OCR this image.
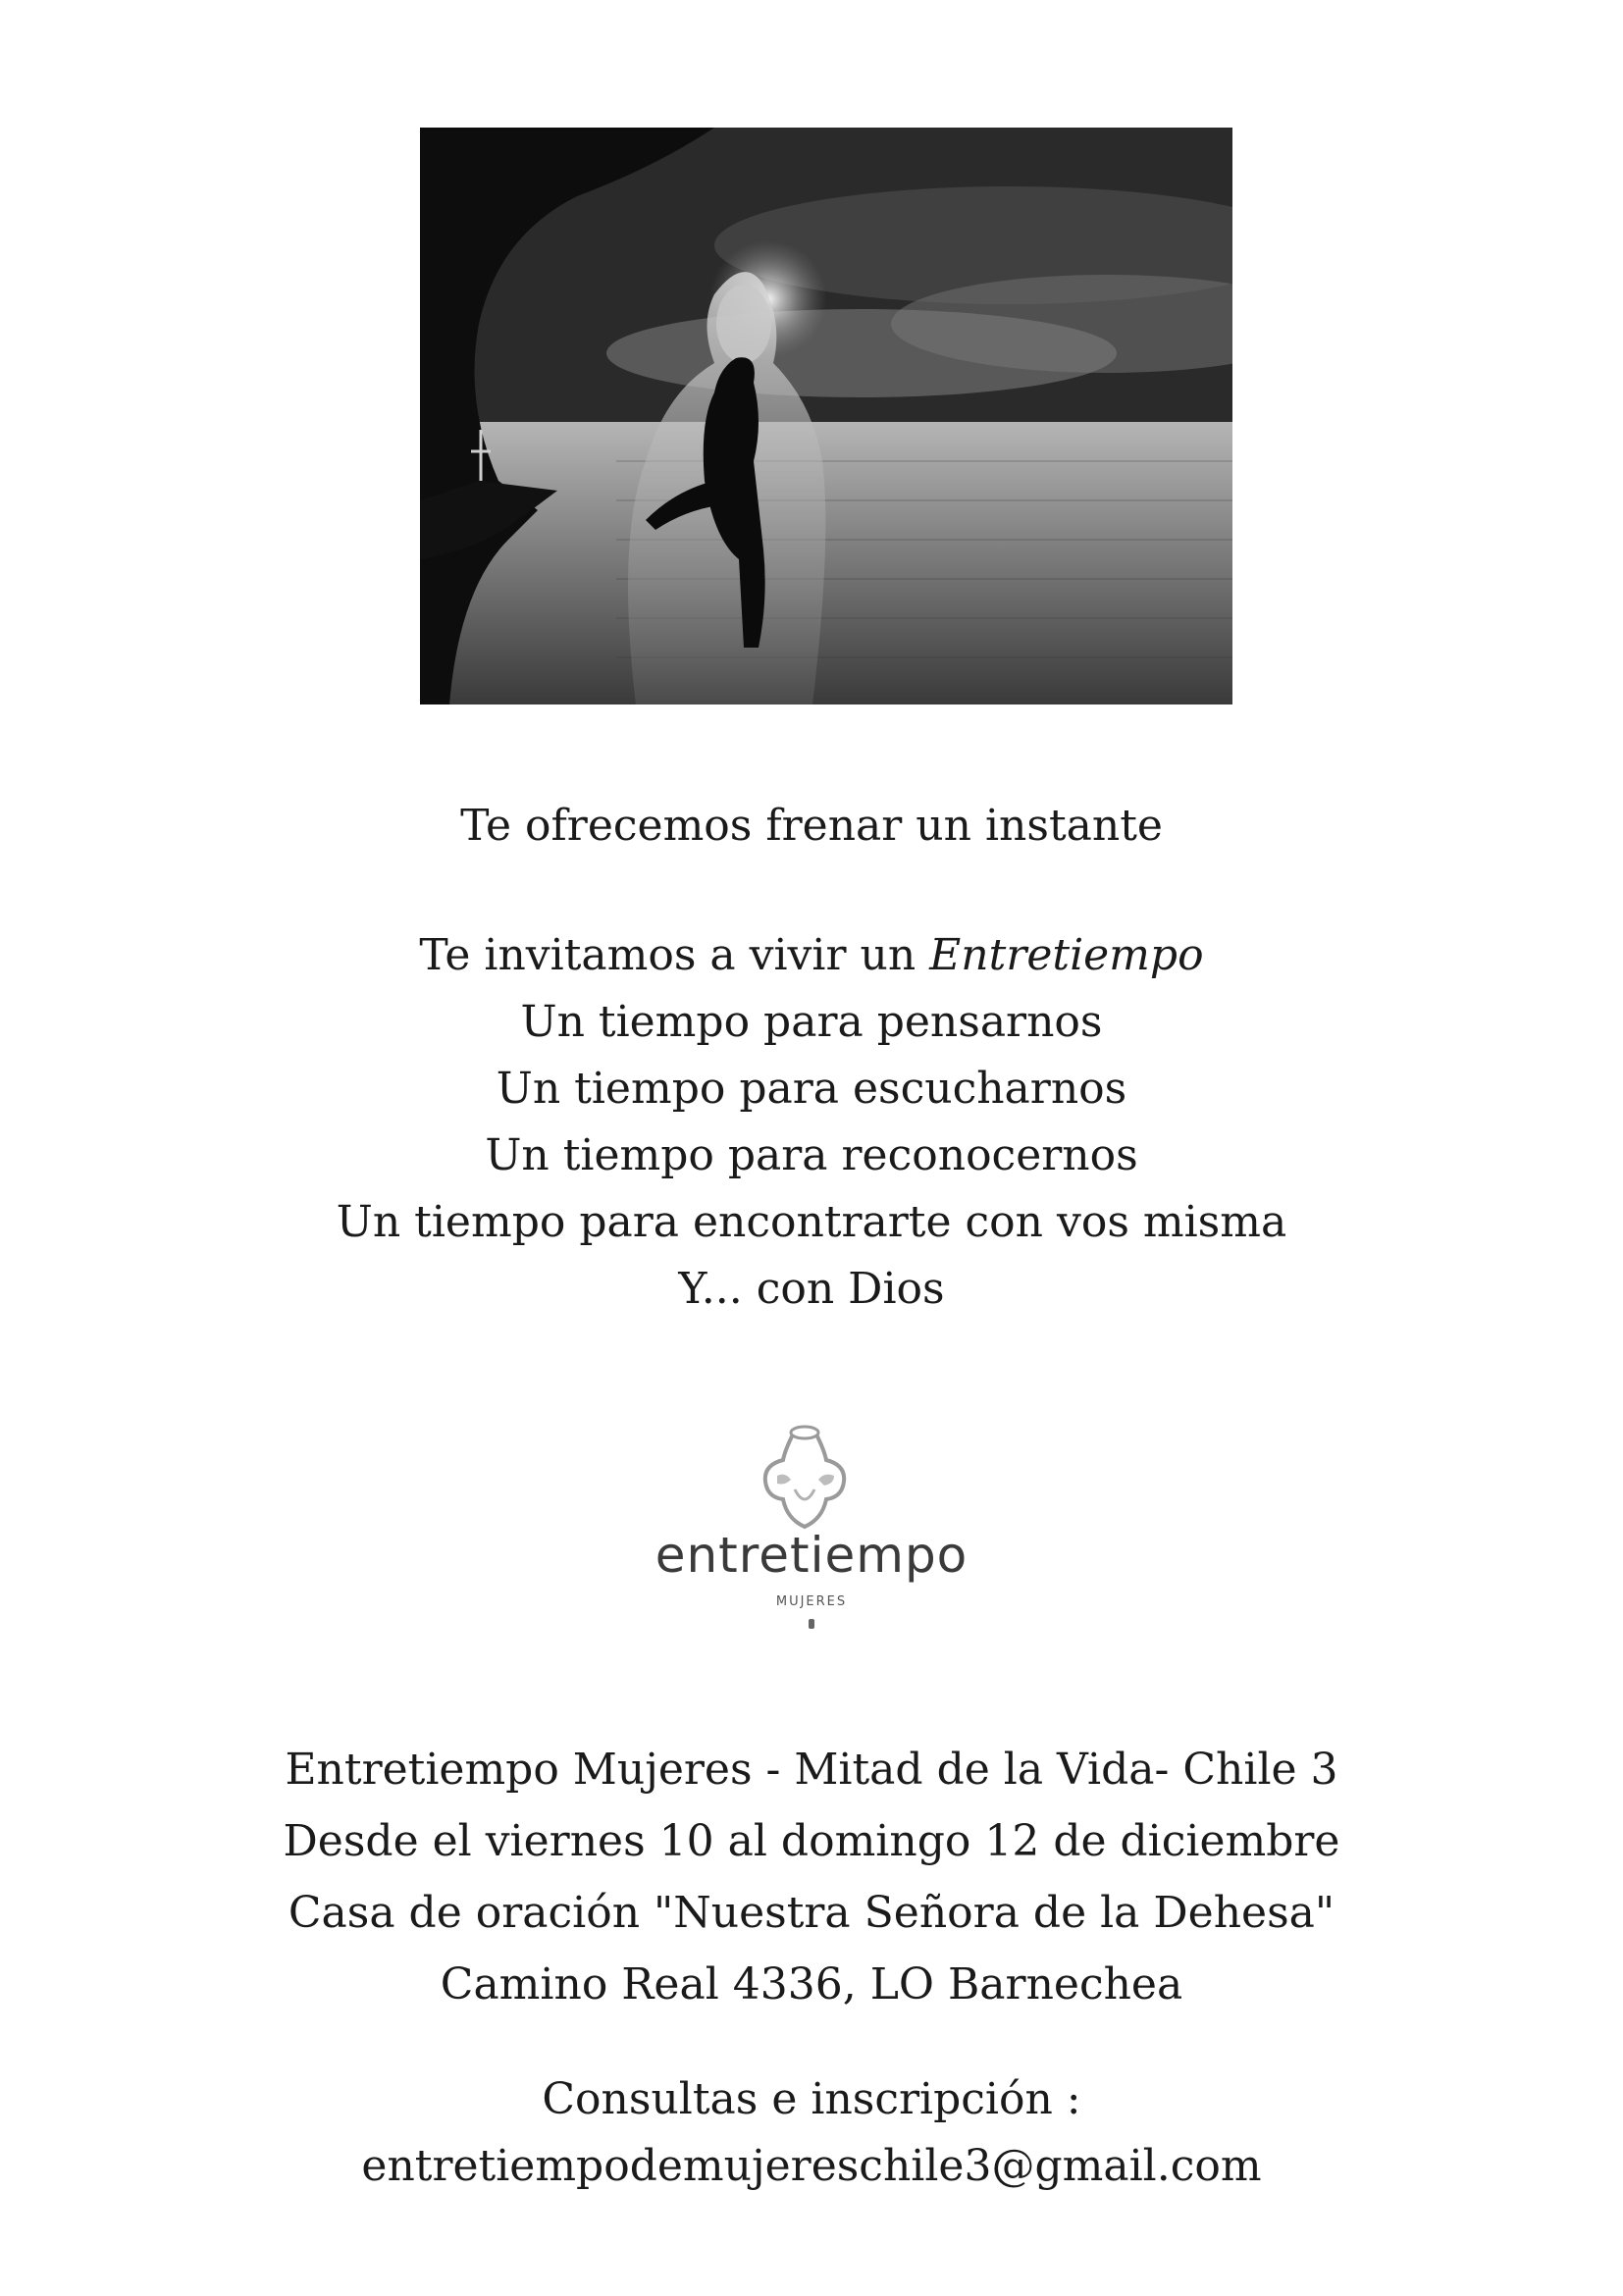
Te ofrecemos frenar un instante
Te invitamos a vivir un Entretiempo
Un tiempo para pensarnos
Un tiempo para escucharnos
Un tiempo para reconocernos
Un tiempo para encontrarte con vos misma
Y... con Dios
entretiempo
MUJERES
Entretiempo Mujeres - Mitad de la Vida- Chile 3
Desde el viernes 10 al domingo 12 de diciembre
Casa de oración "Nuestra Señora de la Dehesa"
Camino Real 4336, LO Barnechea
Consultas e inscripción :
entretiempodemujereschile3@gmail.com
